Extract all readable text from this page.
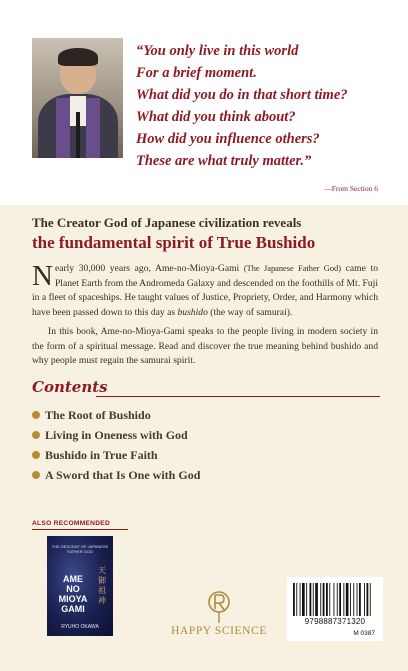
“You only live in this world
For a brief moment.
What did you do in that short time?
What did you think about?
How did you influence others?
These are what truly matter.”
—From Section 6
The Creator God of Japanese civilization reveals
the fundamental spirit of True Bushido
Nearly 30,000 years ago, Ame-no-Mioya-Gami (The Japanese Father God) came to Planet Earth from the Andromeda Galaxy and descended on the foothills of Mt. Fuji in a fleet of spaceships. He taught values of Justice, Propriety, Order, and Harmony which have been passed down to this day as bushido (the way of samurai).
In this book, Ame-no-Mioya-Gami speaks to the people living in modern society in the form of a spiritual message. Read and discover the true meaning behind bushido and why people must regain the samurai spirit.
Contents
The Root of Bushido
Living in Oneness with God
Bushido in True Faith
A Sword that Is One with God
ALSO RECOMMENDED
THE DESCENT OF JAPANESE FATHER GOD
AME
NO
MIOYA
GAMI
天御祖神
RYUHO OKAWA	HAPPY SCIENCE
9798887371320
M 0387
